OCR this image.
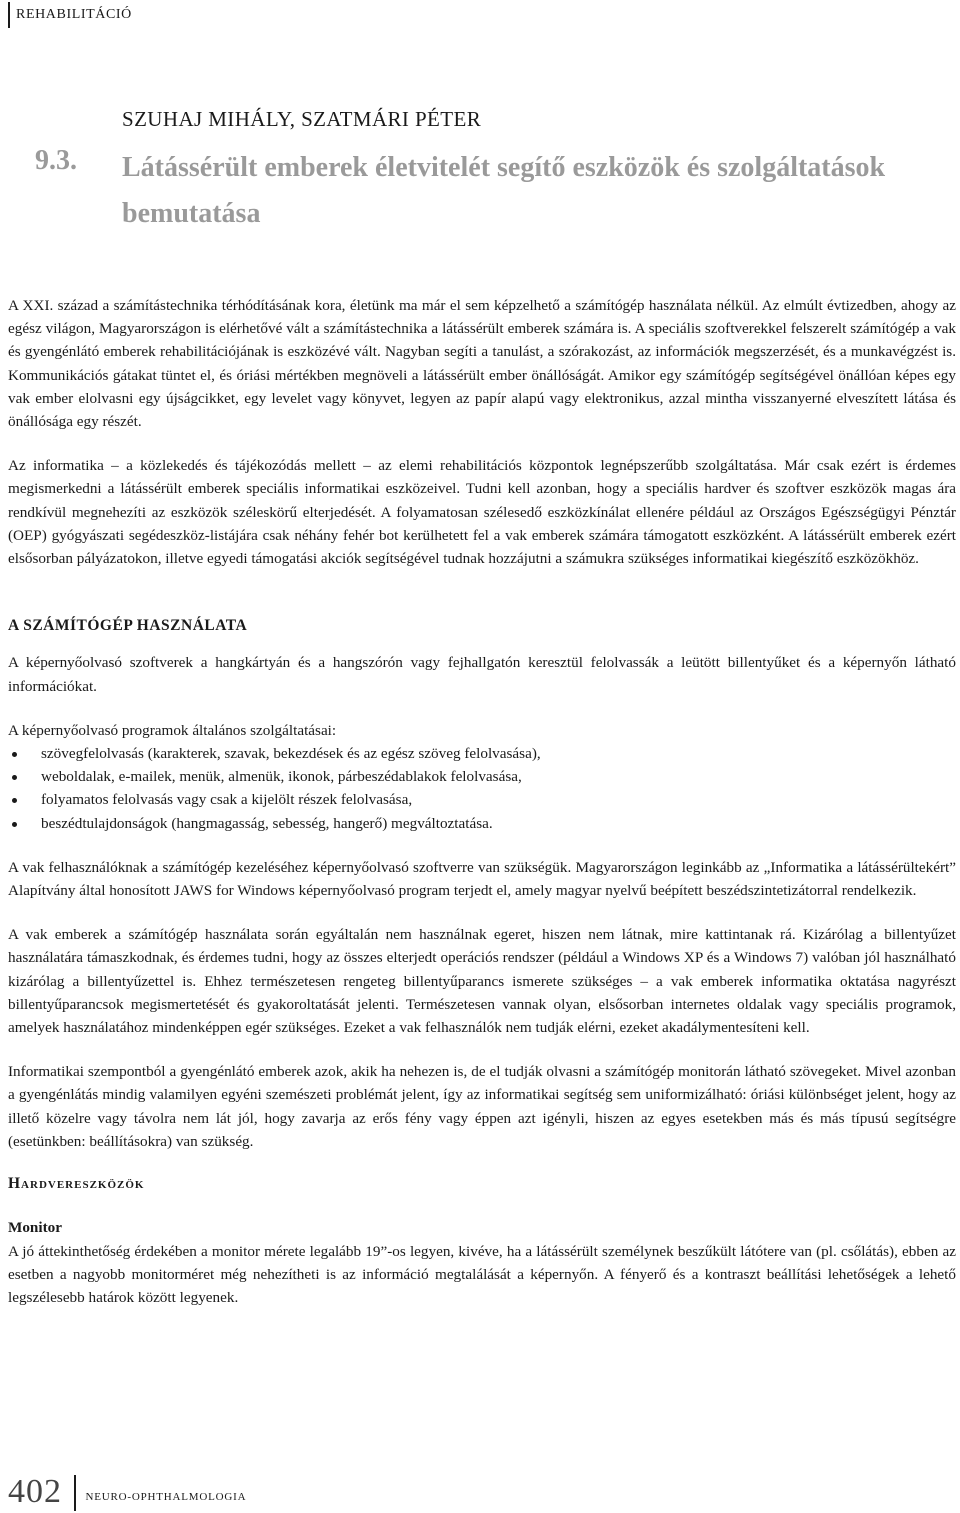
REHABILITÁCIÓ
SZUHAJ MIHÁLY, SZATMÁRI PÉTER
9.3. Látássérült emberek életvitelét segítő eszközök és szolgáltatások bemutatása

A XXI. század a számítástechnika térhódításának kora, életünk ma már el sem képzelhető a számítógép használata nélkül. Az elmúlt évtizedben, ahogy az egész világon, Magyarországon is elérhetővé vált a számítástechnika a látássérült emberek számára is. A speciális szoftverekkel felszerelt számítógép a vak és gyengénlátó emberek rehabilitációjának is eszközévé vált. Nagyban segíti a tanulást, a szórakozást, az információk megszerzését, és a munkavégzést is. Kommunikációs gátakat tüntet el, és óriási mértékben megnöveli a látássérült ember önállóságát. Amikor egy számítógép segítségével önállóan képes egy vak ember elolvasni egy újságcikket, egy levelet vagy könyvet, legyen az papír alapú vagy elektronikus, azzal mintha visszanyerné elveszített látása és önállósága egy részét.

Az informatika – a közlekedés és tájékozódás mellett – az elemi rehabilitációs központok legnépszerűbb szolgáltatása. Már csak ezért is érdemes megismerkedni a látássérült emberek speciális informatikai eszközeivel. Tudni kell azonban, hogy a speciális hardver és szoftver eszközök magas ára rendkívül megnehezíti az eszközök széleskörű elterjedését. A folyamatosan szélesedő eszközkínálat ellenére például az Országos Egészségügyi Pénztár (OEP) gyógyászati segédeszköz-listájára csak néhány fehér bot kerülhetett fel a vak emberek számára támogatott eszközként. A látássérült emberek ezért elsősorban pályázatokon, illetve egyedi támogatási akciók segítségével tudnak hozzájutni a számukra szükséges informatikai kiegészítő eszközökhöz.

A SZÁMÍTÓGÉP HASZNÁLATA

A képernyőolvasó szoftverek a hangkártyán és a hangszórón vagy fejhallgatón keresztül felolvassák a leütött billentyűket és a képernyőn látható információkat.

A képernyőolvasó programok általános szolgáltatásai:

szövegfelolvasás (karakterek, szavak, bekezdések és az egész szöveg felolvasása),
weboldalak, e-mailek, menük, almenük, ikonok, párbeszédablakok felolvasása,
folyamatos felolvasás vagy csak a kijelölt részek felolvasása,
beszédtulajdonságok (hangmagasság, sebesség, hangerő) megváltoztatása.

A vak felhasználóknak a számítógép kezeléséhez képernyőolvasó szoftverre van szükségük. Magyarországon leginkább az „Informatika a látássérültekért” Alapítvány által honosított JAWS for Windows képernyőolvasó program terjedt el, amely magyar nyelvű beépített beszédszintetizátorral rendelkezik.

A vak emberek a számítógép használata során egyáltalán nem használnak egeret, hiszen nem látnak, mire kattintanak rá. Kizárólag a billentyűzet használatára támaszkodnak, és érdemes tudni, hogy az összes elterjedt operációs rendszer (például a Windows XP és a Windows 7) valóban jól használható kizárólag a billentyűzettel is. Ehhez természetesen rengeteg billentyűparancs ismerete szükséges – a vak emberek informatika oktatása nagyrészt billentyűparancsok megismertetését és gyakoroltatását jelenti. Természetesen vannak olyan, elsősorban internetes oldalak vagy speciális programok, amelyek használatához mindenképpen egér szükséges. Ezeket a vak felhasználók nem tudják elérni, ezeket akadálymentesíteni kell.

Informatikai szempontból a gyengénlátó emberek azok, akik ha nehezen is, de el tudják olvasni a számítógép monitorán látható szövegeket. Mivel azonban a gyengénlátás mindig valamilyen egyéni szemészeti problémát jelent, így az informatikai segítség sem uniformizálható: óriási különbséget jelent, hogy az illető közelre vagy távolra nem lát jól, hogy zavarja az erős fény vagy éppen azt igényli, hiszen az egyes esetekben más és más típusú segítségre (esetünkben: beállításokra) van szükség.

Hardvereszközök

Monitor

A jó áttekinthetőség érdekében a monitor mérete legalább 19”-os legyen, kivéve, ha a látássérült személynek beszűkült látótere van (pl. csőlátás), ebben az esetben a nagyobb monitorméret még nehezítheti is az információ megtalálását a képernyőn. A fényerő és a kontraszt beállítási lehetőségek a lehető legszélesebb határok között legyenek.

402 NEURO-OPHTHALMOLOGIA
